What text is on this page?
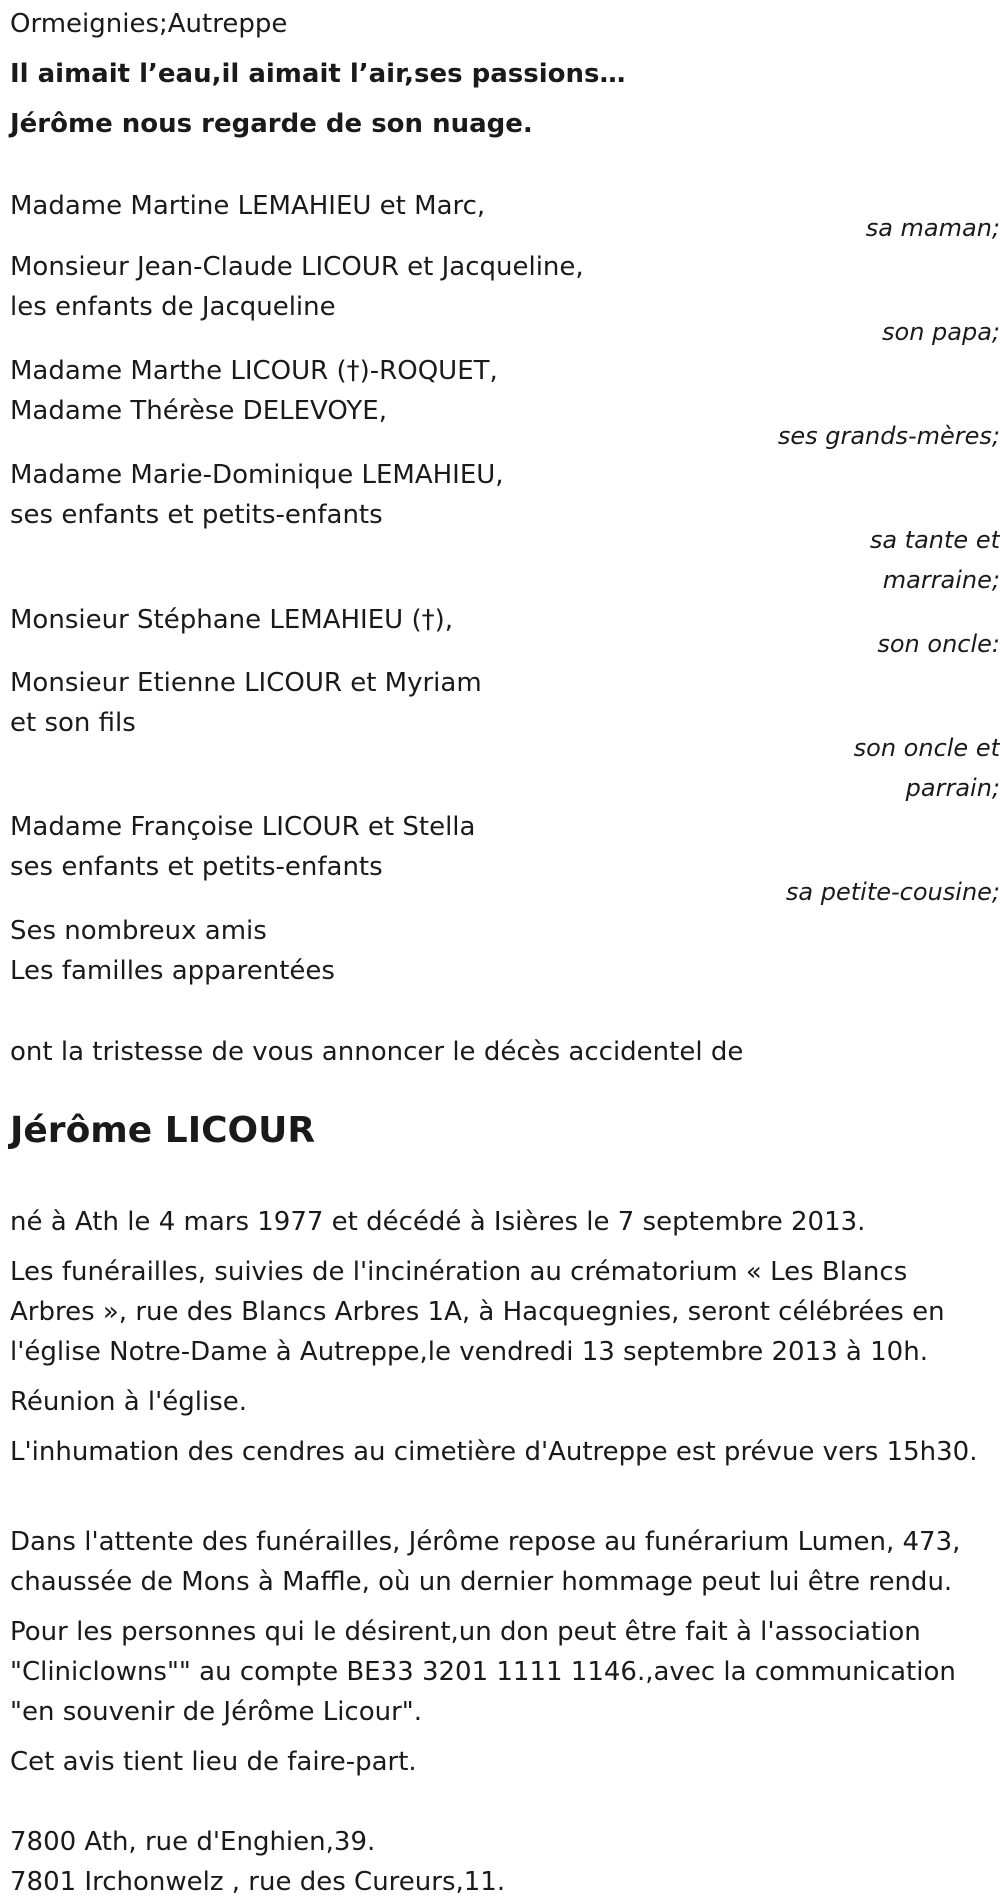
Ormeignies;Autreppe
Il aimait l’eau,il aimait l’air,ses passions…
Jérôme nous regarde de son nuage.
Madame Martine LEMAHIEU et Marc,
sa maman;
Monsieur Jean-Claude LICOUR et Jacqueline,
les enfants de Jacqueline
son papa;
Madame Marthe LICOUR (†)-ROQUET,
Madame Thérèse DELEVOYE,
ses grands-mères;
Madame Marie-Dominique LEMAHIEU,
ses enfants et petits-enfants
sa tante et
marraine;
Monsieur Stéphane LEMAHIEU (†),
son oncle:
Monsieur Etienne LICOUR et Myriam
et son fils
son oncle et
parrain;
Madame Françoise LICOUR et Stella
ses enfants et petits-enfants
sa petite-cousine;
Ses nombreux amis
Les familles apparentées
ont la tristesse de vous annoncer le décès accidentel de
Jérôme LICOUR
né à Ath le 4 mars 1977 et décédé à Isières le 7 septembre 2013.
Les funérailles, suivies de l'incinération au crématorium « Les Blancs Arbres », rue des Blancs Arbres 1A, à Hacquegnies, seront célébrées en l'église Notre-Dame à Autreppe,le vendredi 13 septembre 2013 à 10h.
Réunion à l'église.
L'inhumation des cendres au cimetière d'Autreppe est prévue vers 15h30.
Dans l'attente des funérailles, Jérôme repose au funérarium Lumen, 473, chaussée de Mons à Maffle, où un dernier hommage peut lui être rendu.
Pour les personnes qui le désirent,un don peut être fait à l'association "Cliniclowns"" au compte BE33 3201 1111 1146.,avec la communication "en souvenir de Jérôme Licour".
Cet avis tient lieu de faire-part.
7800 Ath, rue d'Enghien,39.
7801 Irchonwelz , rue des Cureurs,11.
